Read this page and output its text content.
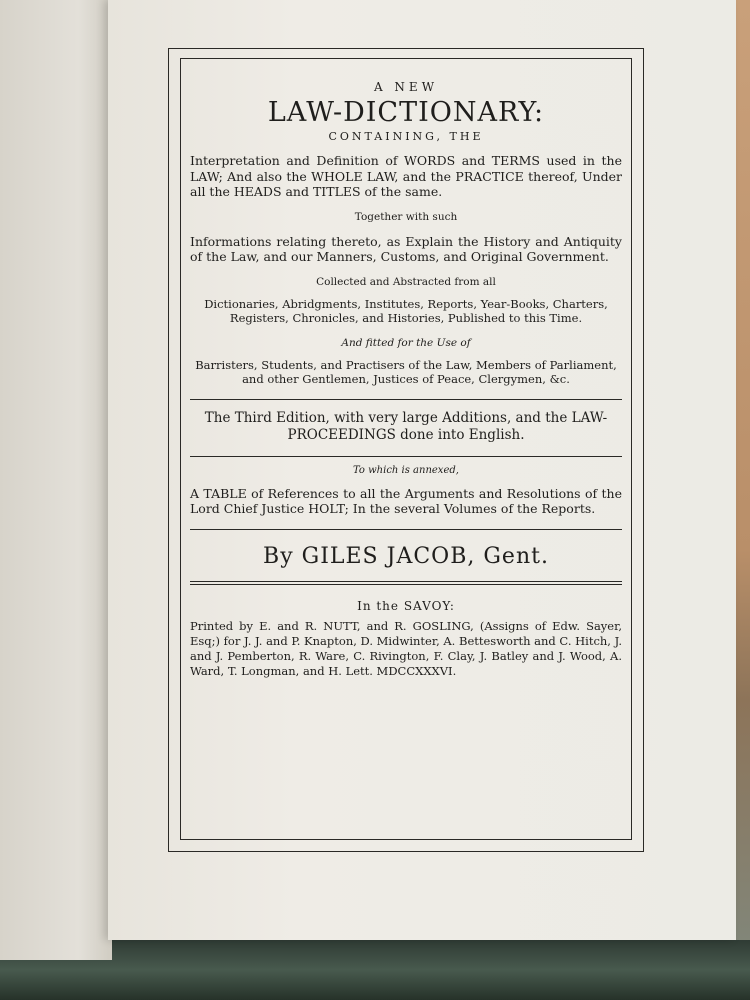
A NEW
LAW-DICTIONARY:
CONTAINING, THE
Interpretation and Definition of WORDS and TERMS used in the LAW; And also the WHOLE LAW, and the PRACTICE thereof, Under all the HEADS and TITLES of the same.
Together with such
Informations relating thereto, as Explain the History and Antiquity of the Law, and our Manners, Customs, and Original Government.
Collected and Abstracted from all
Dictionaries, Abridgments, Institutes, Reports, Year-Books, Charters, Registers, Chronicles, and Histories, Published to this Time.
And fitted for the Use of
Barristers, Students, and Practisers of the Law, Members of Parliament, and other Gentlemen, Justices of Peace, Clergymen, &c.
The Third Edition, with very large Additions, and the LAW-PROCEEDINGS done into English.
To which is annexed,
A TABLE of References to all the Arguments and Resolutions of the Lord Chief Justice HOLT; In the several Volumes of the Reports.
By GILES JACOB, Gent.
In the SAVOY:
Printed by E. and R. NUTT, and R. GOSLING, (Assigns of Edw. Sayer, Esq;) for J. J. and P. Knapton, D. Midwinter, A. Bettesworth and C. Hitch, J. and J. Pemberton, R. Ware, C. Rivington, F. Clay, J. Batley and J. Wood, A. Ward, T. Longman, and H. Lett. MDCCXXXVI.
